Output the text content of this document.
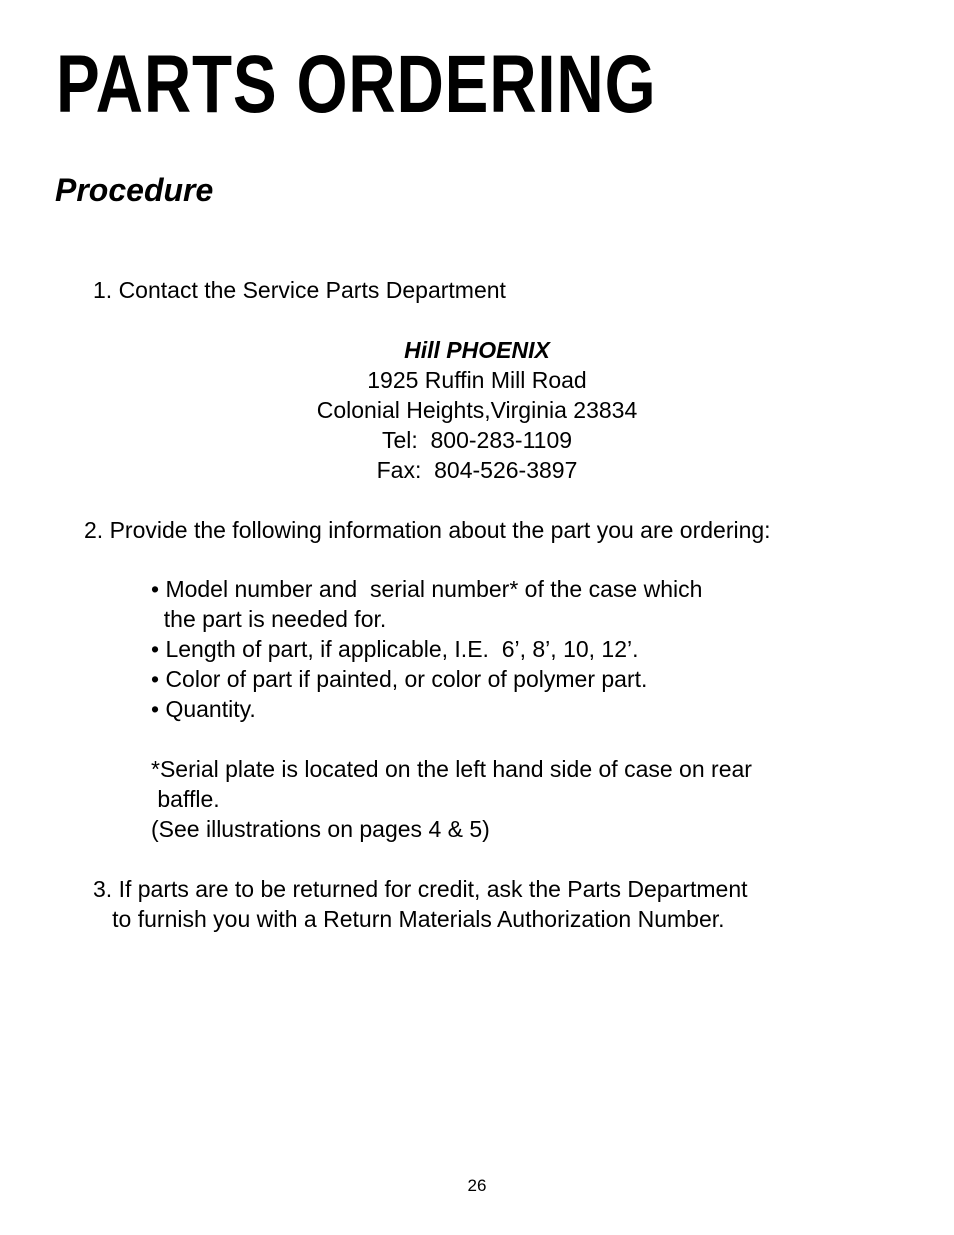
PARTS ORDERING
Procedure
1. Contact the Service Parts Department
Hill PHOENIX
1925 Ruffin Mill Road
Colonial Heights,Virginia 23834
Tel:  800-283-1109
Fax:  804-526-3897
2. Provide the following information about the part you are ordering:
• Model number and  serial number* of the case which
the part is needed for.
• Length of part, if applicable, I.E.  6’, 8’, 10, 12’.
• Color of part if painted, or color of polymer part.
• Quantity.
*Serial plate is located on the left hand side of case on rear
baffle.
(See illustrations on pages 4 & 5)
3. If parts are to be returned for credit, ask the Parts Department
to furnish you with a Return Materials Authorization Number.
26
